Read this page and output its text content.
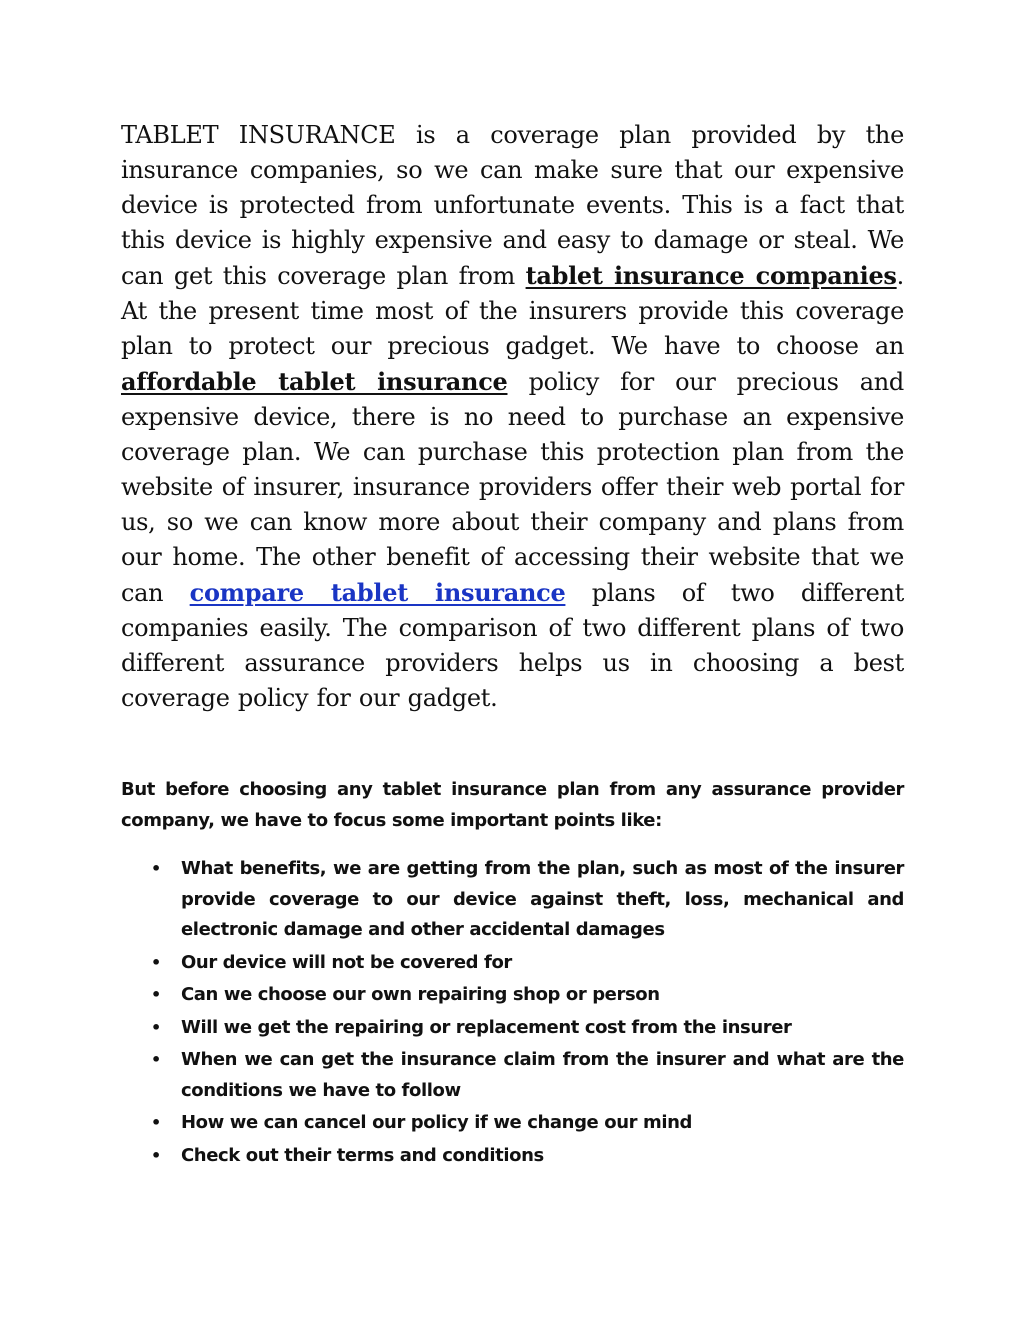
TABLET INSURANCE is a coverage plan provided by the insurance companies, so we can make sure that our expensive device is protected from unfortunate events. This is a fact that this device is highly expensive and easy to damage or steal. We can get this coverage plan from tablet insurance companies. At the present time most of the insurers provide this coverage plan to protect our precious gadget. We have to choose an affordable tablet insurance policy for our precious and expensive device, there is no need to purchase an expensive coverage plan. We can purchase this protection plan from the website of insurer, insurance providers offer their web portal for us, so we can know more about their company and plans from our home. The other benefit of accessing their website that we can compare tablet insurance plans of two different companies easily. The comparison of two different plans of two different assurance providers helps us in choosing a best coverage policy for our gadget.

But before choosing any tablet insurance plan from any assurance provider company, we have to focus some important points like:

• What benefits, we are getting from the plan, such as most of the insurer provide coverage to our device against theft, loss, mechanical and electronic damage and other accidental damages
• Our device will not be covered for
• Can we choose our own repairing shop or person
• Will we get the repairing or replacement cost from the insurer
• When we can get the insurance claim from the insurer and what are the conditions we have to follow
• How we can cancel our policy if we change our mind
• Check out their terms and conditions
